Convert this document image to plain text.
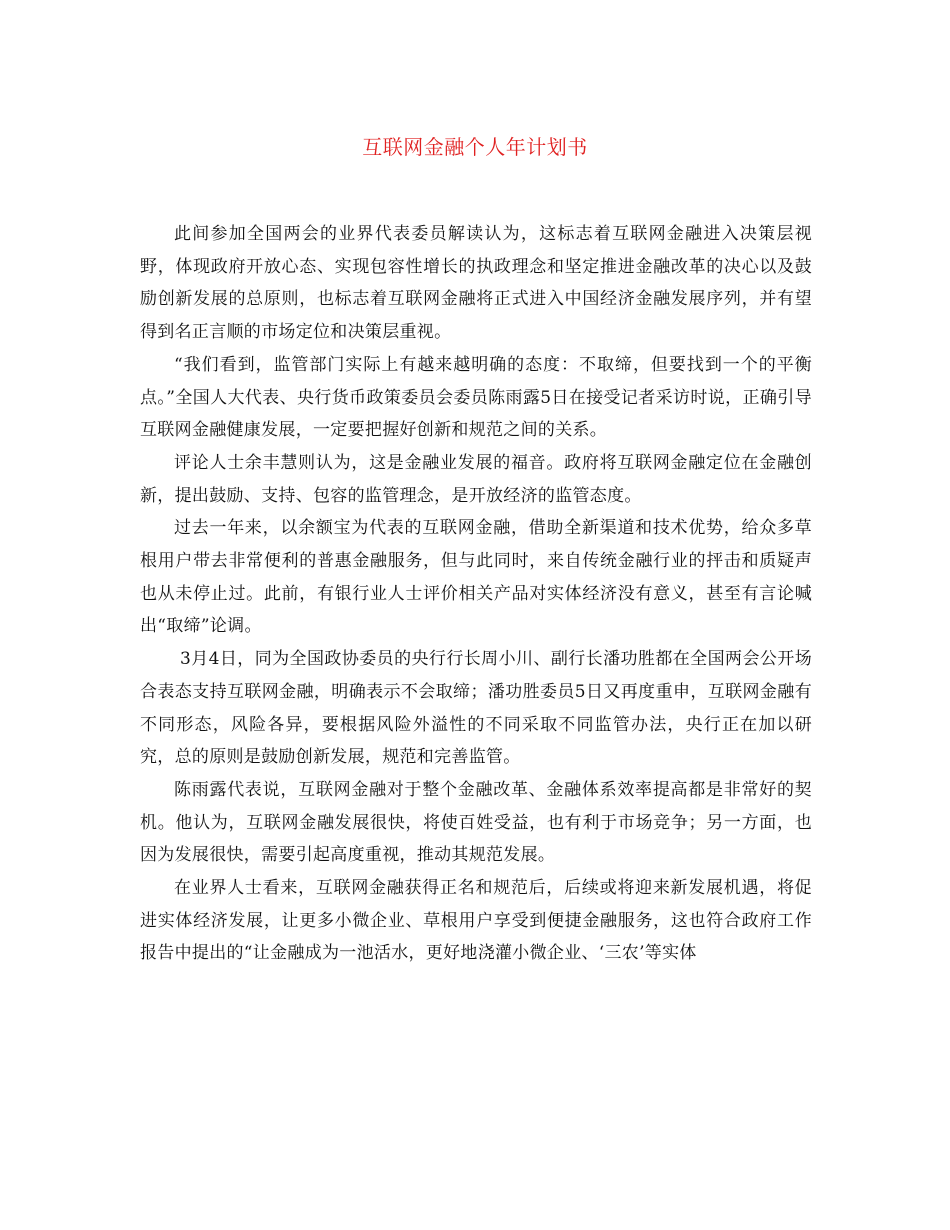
互联网金融个人年计划书

此间参加全国两会的业界代表委员解读认为，这标志着互联网金融进入决策层视野，体现政府开放心态、实现包容性增长的执政理念和坚定推进金融改革的决心以及鼓励创新发展的总原则，也标志着互联网金融将正式进入中国经济金融发展序列，并有望得到名正言顺的市场定位和决策层重视。

“我们看到，监管部门实际上有越来越明确的态度：不取缔，但要找到一个的平衡点。”全国人大代表、央行货币政策委员会委员陈雨露5日在接受记者采访时说，正确引导互联网金融健康发展，一定要把握好创新和规范之间的关系。

评论人士余丰慧则认为，这是金融业发展的福音。政府将互联网金融定位在金融创新，提出鼓励、支持、包容的监管理念，是开放经济的监管态度。

过去一年来，以余额宝为代表的互联网金融，借助全新渠道和技术优势，给众多草根用户带去非常便利的普惠金融服务，但与此同时，来自传统金融行业的抨击和质疑声也从未停止过。此前，有银行业人士评价相关产品对实体经济没有意义，甚至有言论喊出“取缔”论调。

3月4日，同为全国政协委员的央行行长周小川、副行长潘功胜都在全国两会公开场合表态支持互联网金融，明确表示不会取缔；潘功胜委员5日又再度重申，互联网金融有不同形态，风险各异，要根据风险外溢性的不同采取不同监管办法，央行正在加以研究，总的原则是鼓励创新发展，规范和完善监管。

陈雨露代表说，互联网金融对于整个金融改革、金融体系效率提高都是非常好的契机。他认为，互联网金融发展很快，将使百姓受益，也有利于市场竞争；另一方面，也因为发展很快，需要引起高度重视，推动其规范发展。

在业界人士看来，互联网金融获得正名和规范后，后续或将迎来新发展机遇，将促进实体经济发展，让更多小微企业、草根用户享受到便捷金融服务，这也符合政府工作报告中提出的“让金融成为一池活水，更好地浇灌小微企业、‘三农’等实体
